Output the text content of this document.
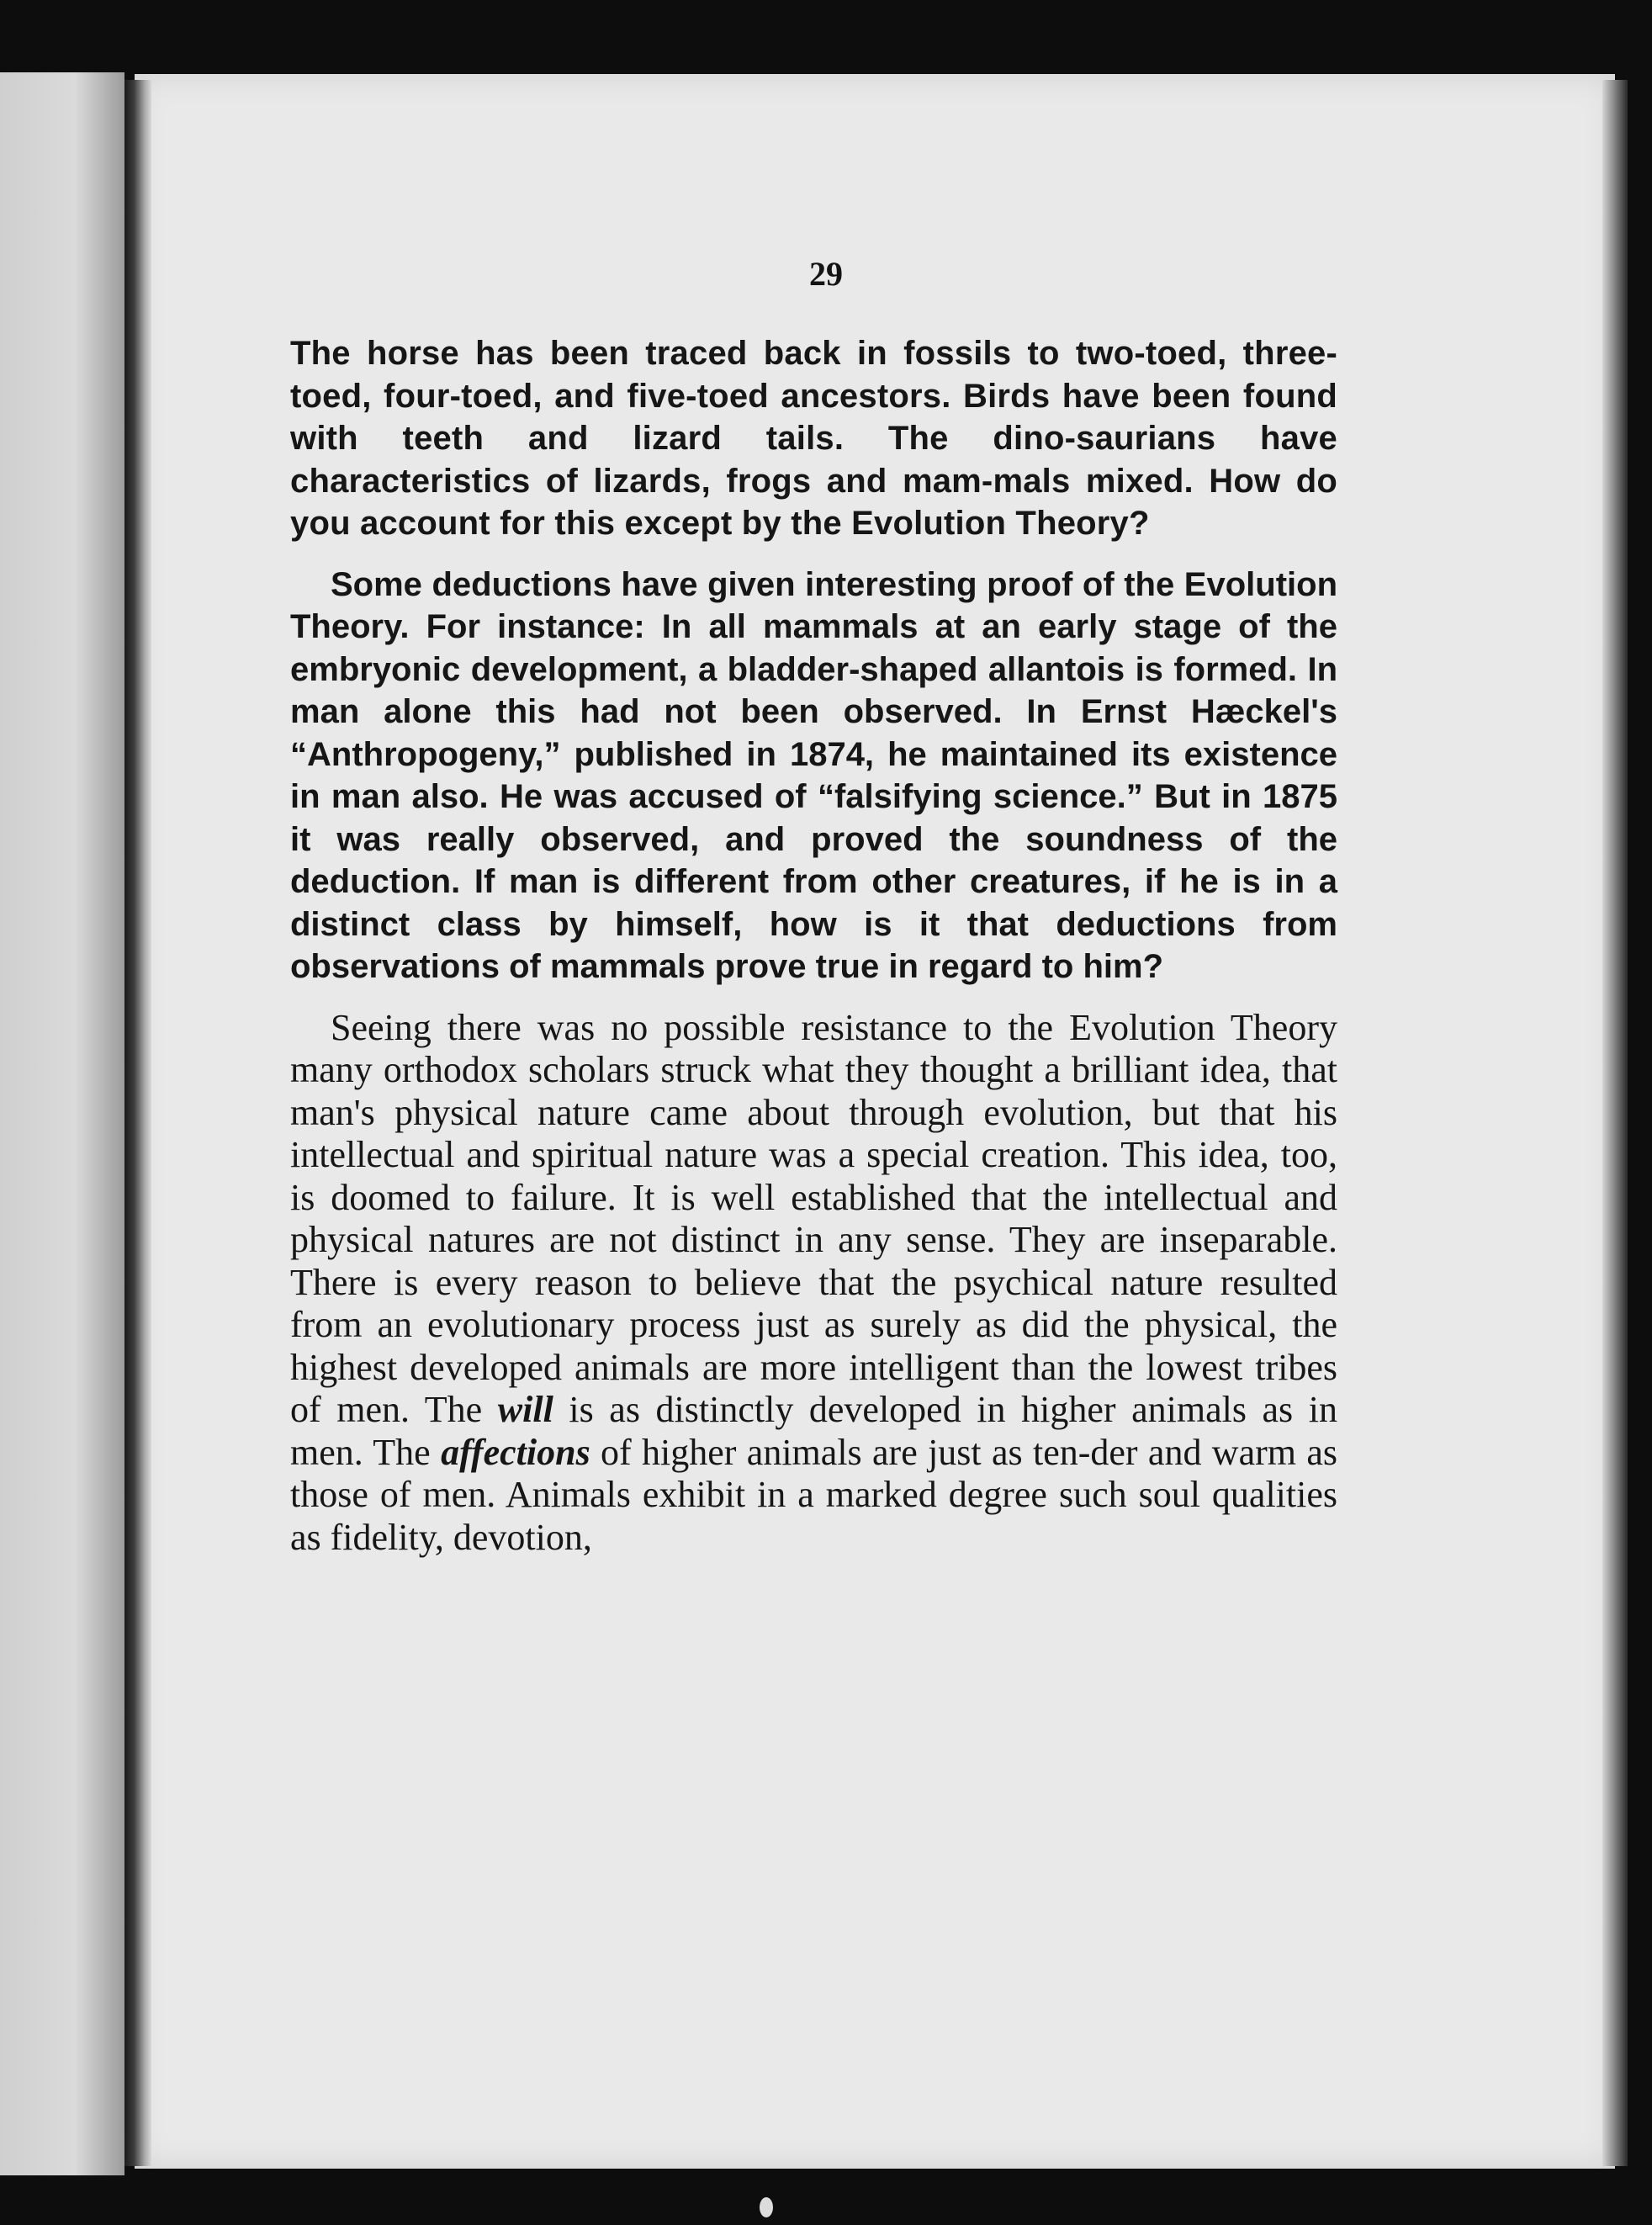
29

The horse has been traced back in fossils to two-toed, three-toed, four-toed, and five-toed ancestors. Birds have been found with teeth and lizard tails. The dino-saurians have characteristics of lizards, frogs and mam-mals mixed. How do you account for this except by the Evolution Theory?

Some deductions have given interesting proof of the Evolution Theory. For instance: In all mammals at an early stage of the embryonic development, a bladder-shaped allantois is formed. In man alone this had not been observed. In Ernst Hæckel's “Anthropogeny,” published in 1874, he maintained its existence in man also. He was accused of “falsifying science.” But in 1875 it was really observed, and proved the soundness of the deduction. If man is different from other creatures, if he is in a distinct class by himself, how is it that deductions from observations of mammals prove true in regard to him?

Seeing there was no possible resistance to the Evolution Theory many orthodox scholars struck what they thought a brilliant idea, that man's physical nature came about through evolution, but that his intellectual and spiritual nature was a special creation. This idea, too, is doomed to failure. It is well established that the intellectual and physical natures are not distinct in any sense. They are inseparable. There is every reason to believe that the psychical nature resulted from an evolutionary process just as surely as did the physical, the highest developed animals are more intelligent than the lowest tribes of men. The will is as distinctly developed in higher animals as in men. The affections of higher animals are just as ten-der and warm as those of men. Animals exhibit in a marked degree such soul qualities as fidelity, devotion,
